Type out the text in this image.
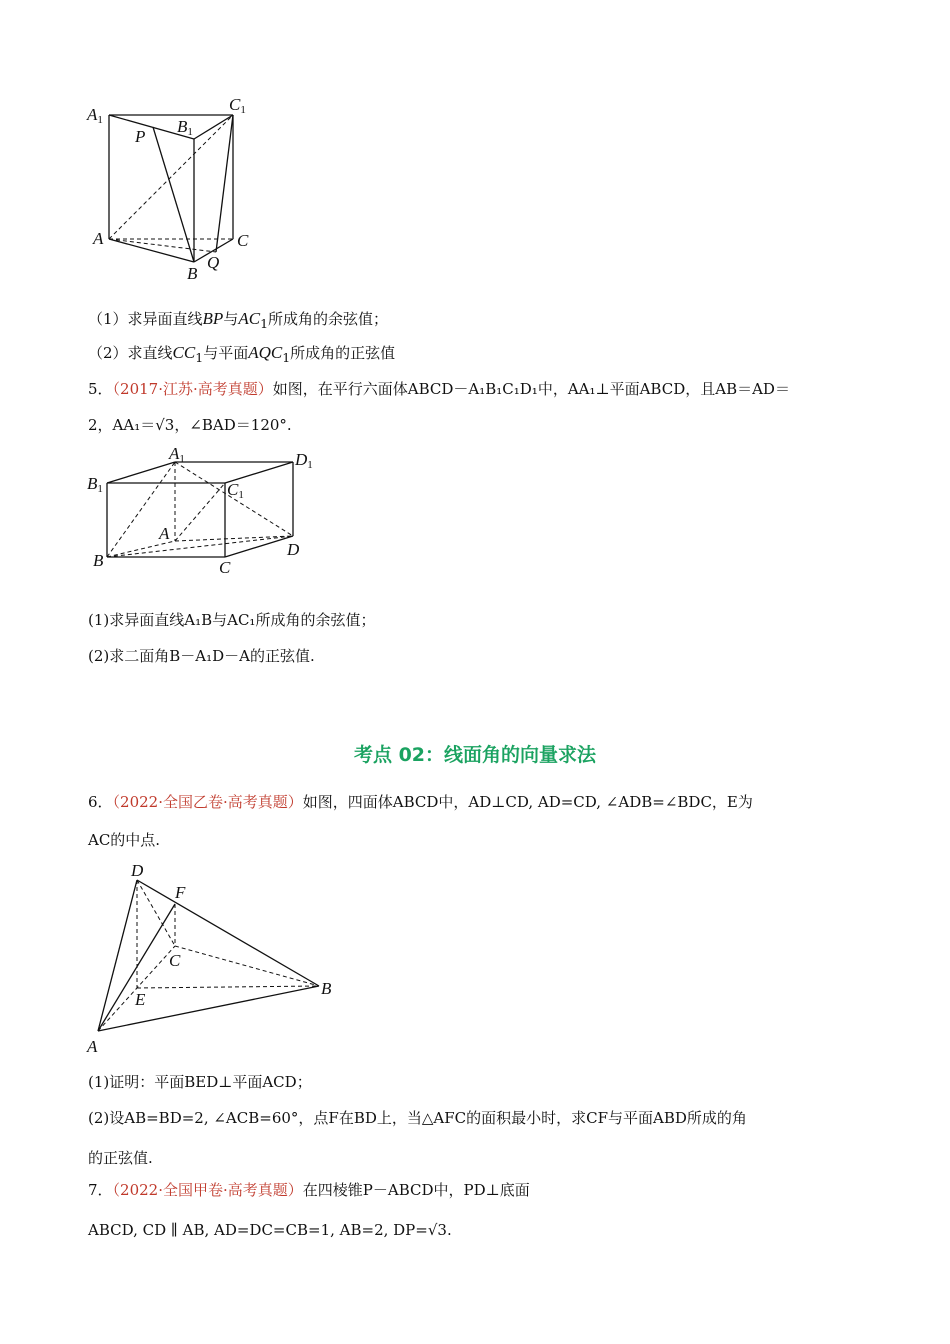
A1
C1
B1
P
A	C
Q
B
（1）求异面直线BP与$AC_1$所成角的余弦值；
（2）求直线$CC_1$与平面$AQC_1$所成角的正弦值
5．（2017·江苏·高考真题）如图，在平行六面体ABCD－A₁B₁C₁D₁中，AA₁⊥平面ABCD，且AB＝AD＝
2，AA₁＝√3，∠BAD＝120°.
A1	D1
B1	C1
A
B	C
D
(1)求异面直线A₁B与AC₁所成角的余弦值；
(2)求二面角B－A₁D－A的正弦值.
考点 02：线面角的向量求法
6．（2022·全国乙卷·高考真题）如图，四面体ABCD中，AD⊥CD, AD=CD, ∠ADB=∠BDC，E为
AC的中点.
D
F
C
B
E
A
(1)证明：平面BED⊥平面ACD；
(2)设AB=BD=2, ∠ACB=60°，点F在BD上，当△AFC的面积最小时，求CF与平面ABD所成的角
的正弦值.
7．（2022·全国甲卷·高考真题）在四棱锥P－ABCD中，PD⊥底面
ABCD, CD ∥ AB, AD=DC=CB=1, AB=2, DP=√3.
